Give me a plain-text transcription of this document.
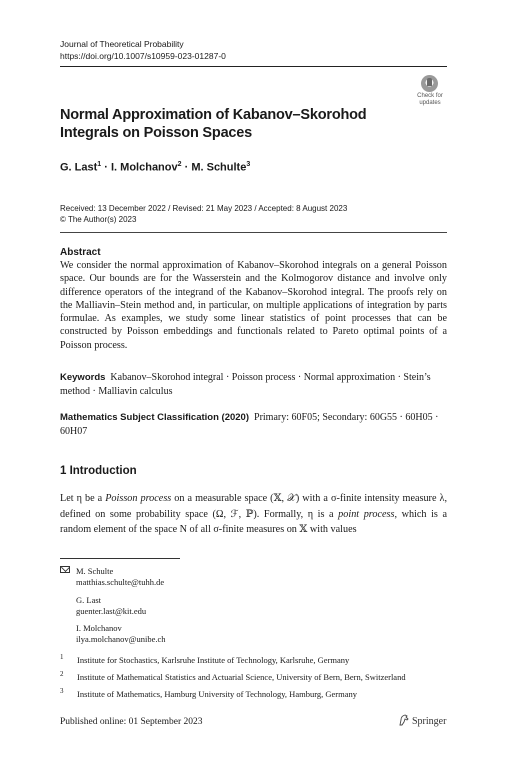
Journal of Theoretical Probability
https://doi.org/10.1007/s10959-023-01287-0
Check for
updates
Normal Approximation of Kabanov–Skorohod Integrals on Poisson Spaces
G. Last$^1$ · I. Molchanov$^2$ · M. Schulte$^3$
Received: 13 December 2022 / Revised: 21 May 2023 / Accepted: 8 August 2023
© The Author(s) 2023
Abstract
We consider the normal approximation of Kabanov–Skorohod integrals on a general Poisson space. Our bounds are for the Wasserstein and the Kolmogorov distance and involve only difference operators of the integrand of the Kabanov–Skorohod integral. The proofs rely on the Malliavin–Stein method and, in particular, on multiple applications of integration by parts formulae. As examples, we study some linear statistics of point processes that can be constructed by Poisson embeddings and functionals related to Pareto optimal points of a Poisson process.
Keywords Kabanov–Skorohod integral · Poisson process · Normal approximation · Stein’s method · Malliavin calculus
Mathematics Subject Classification (2020) Primary: 60F05; Secondary: 60G55 · 60H05 · 60H07
1 Introduction
Let η be a Poisson process on a measurable space (𝕏, 𝒳) with a σ-finite intensity measure λ, defined on some probability space (Ω, ℱ, ℙ). Formally, η is a point process, which is a random element of the space N of all σ-finite measures on 𝕏 with values
M. Schulte
matthias.schulte@tuhh.de
G. Last
guenter.last@kit.edu
I. Molchanov
ilya.molchanov@unibe.ch
1 Institute for Stochastics, Karlsruhe Institute of Technology, Karlsruhe, Germany
2 Institute of Mathematical Statistics and Actuarial Science, University of Bern, Bern, Switzerland
3 Institute of Mathematics, Hamburg University of Technology, Hamburg, Germany
Published online: 01 September 2023	Springer
